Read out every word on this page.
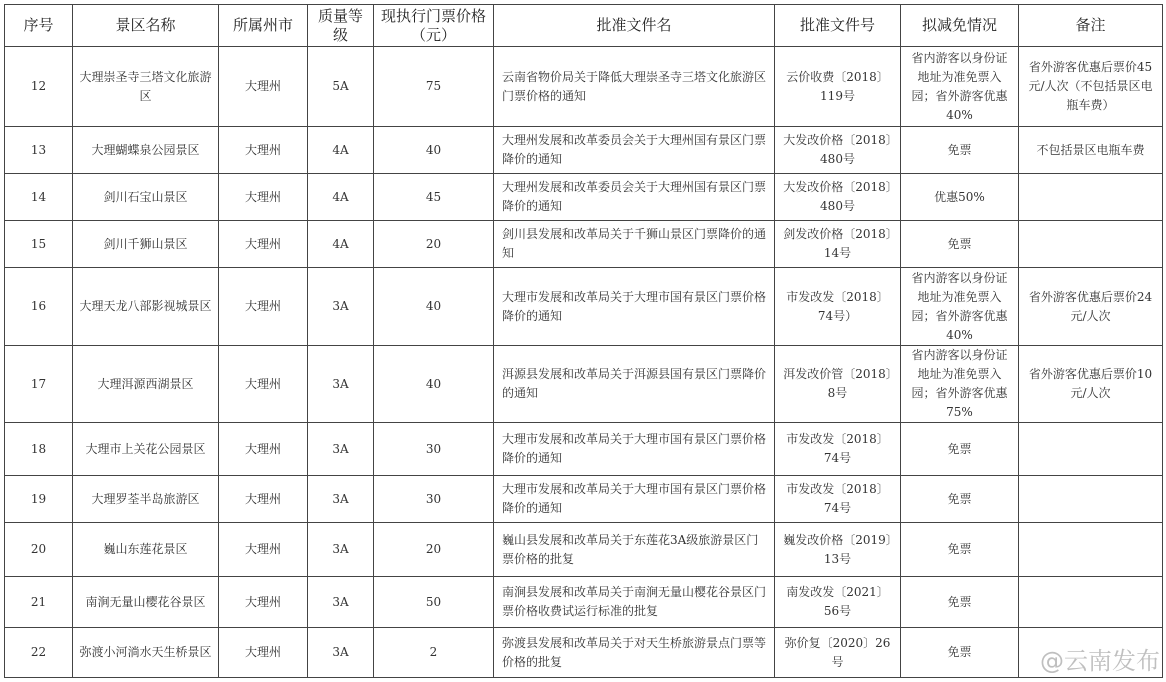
序号	景区名称	所属州市	质量等级	现执行门票价格（元）	批准文件名	批准文件号	拟减免情况	备注
12	大理崇圣寺三塔文化旅游区	大理州	5A	75	云南省物价局关于降低大理崇圣寺三塔文化旅游区门票价格的通知	云价收费〔2018〕119号	省内游客以身份证地址为准免票入园；省外游客优惠40%	省外游客优惠后票价45元/人次（不包括景区电瓶车费）
13	大理蝴蝶泉公园景区	大理州	4A	40	大理州发展和改革委员会关于大理州国有景区门票降价的通知	大发改价格〔2018〕480号	免票	不包括景区电瓶车费
14	剑川石宝山景区	大理州	4A	45	大理州发展和改革委员会关于大理州国有景区门票降价的通知	大发改价格〔2018〕480号	优惠50%	
15	剑川千狮山景区	大理州	4A	20	剑川县发展和改革局关于千狮山景区门票降价的通知	剑发改价格〔2018〕14号	免票	
16	大理天龙八部影视城景区	大理州	3A	40	大理市发展和改革局关于大理市国有景区门票价格降价的通知	市发改发〔2018〕74号）	省内游客以身份证地址为准免票入园；省外游客优惠40%	省外游客优惠后票价24元/人次
17	大理洱源西湖景区	大理州	3A	40	洱源县发展和改革局关于洱源县国有景区门票降价的通知	洱发改价管〔2018〕8号	省内游客以身份证地址为准免票入园；省外游客优惠75%	省外游客优惠后票价10元/人次
18	大理市上关花公园景区	大理州	3A	30	大理市发展和改革局关于大理市国有景区门票价格降价的通知	市发改发〔2018〕74号	免票	
19	大理罗荃半岛旅游区	大理州	3A	30	大理市发展和改革局关于大理市国有景区门票价格降价的通知	市发改发〔2018〕74号	免票	
20	巍山东莲花景区	大理州	3A	20	巍山县发展和改革局关于东莲花3A级旅游景区门票价格的批复	巍发改价格〔2019〕13号	免票	
21	南涧无量山樱花谷景区	大理州	3A	50	南涧县发展和改革局关于南涧无量山樱花谷景区门票价格收费试运行标准的批复	南发改发〔2021〕56号	免票	
22	弥渡小河淌水天生桥景区	大理州	3A	2	弥渡县发展和改革局关于对天生桥旅游景点门票等价格的批复	弥价复〔2020〕26号	免票		@云南发布
